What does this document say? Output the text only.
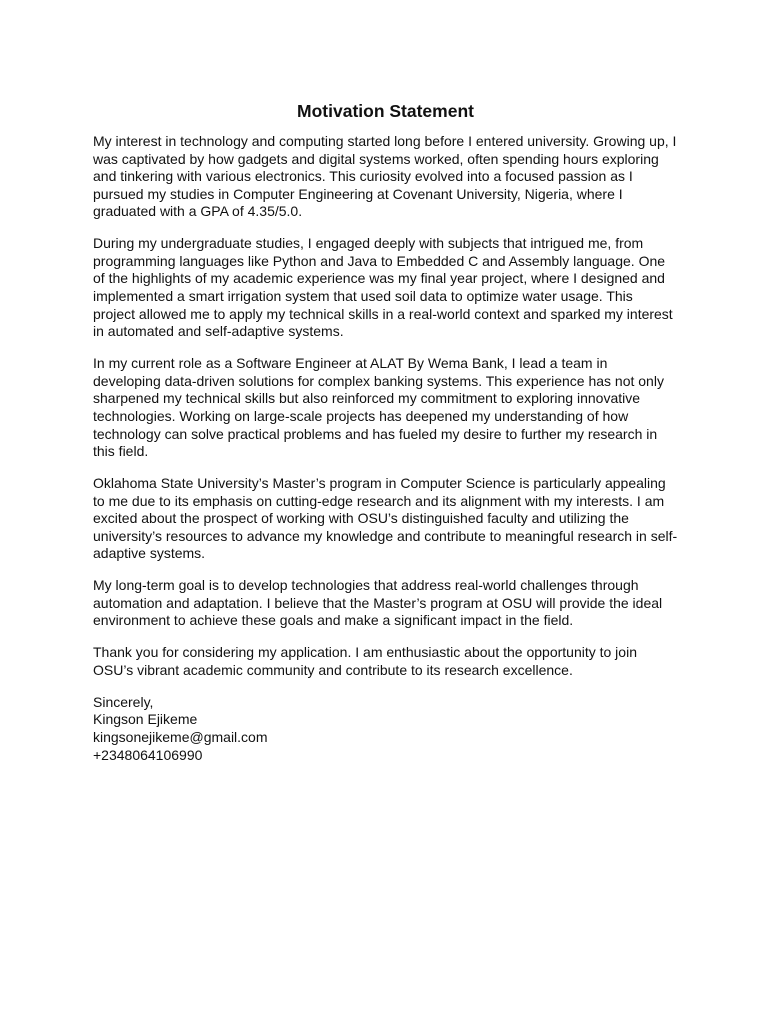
Motivation Statement

My interest in technology and computing started long before I entered university. Growing up, I was captivated by how gadgets and digital systems worked, often spending hours exploring and tinkering with various electronics. This curiosity evolved into a focused passion as I pursued my studies in Computer Engineering at Covenant University, Nigeria, where I graduated with a GPA of 4.35/5.0.

During my undergraduate studies, I engaged deeply with subjects that intrigued me, from programming languages like Python and Java to Embedded C and Assembly language. One of the highlights of my academic experience was my final year project, where I designed and implemented a smart irrigation system that used soil data to optimize water usage. This project allowed me to apply my technical skills in a real-world context and sparked my interest in automated and self-adaptive systems.

In my current role as a Software Engineer at ALAT By Wema Bank, I lead a team in developing data-driven solutions for complex banking systems. This experience has not only sharpened my technical skills but also reinforced my commitment to exploring innovative technologies. Working on large-scale projects has deepened my understanding of how technology can solve practical problems and has fueled my desire to further my research in this field.

Oklahoma State University’s Master’s program in Computer Science is particularly appealing to me due to its emphasis on cutting-edge research and its alignment with my interests. I am excited about the prospect of working with OSU’s distinguished faculty and utilizing the university’s resources to advance my knowledge and contribute to meaningful research in self-adaptive systems.

My long-term goal is to develop technologies that address real-world challenges through automation and adaptation. I believe that the Master’s program at OSU will provide the ideal environment to achieve these goals and make a significant impact in the field.

Thank you for considering my application. I am enthusiastic about the opportunity to join OSU’s vibrant academic community and contribute to its research excellence.

Sincerely,
Kingson Ejikeme
kingsonejikeme@gmail.com
+2348064106990
